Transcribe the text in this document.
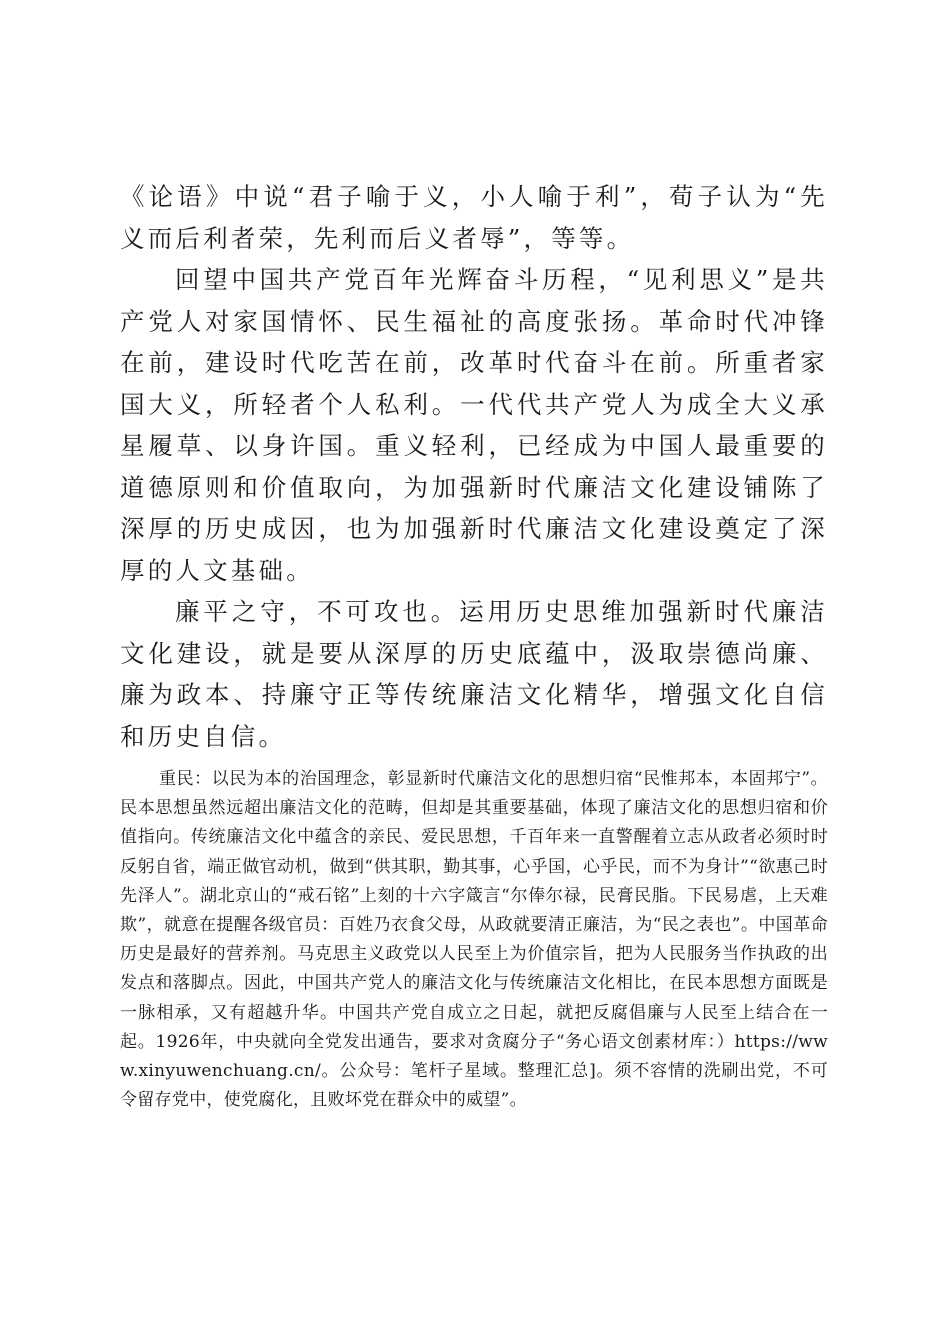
《论语》中说“君子喻于义，小人喻于利”，荀子认为“先义而后利者荣，先利而后义者辱”，等等。

回望中国共产党百年光辉奋斗历程，“见利思义”是共产党人对家国情怀、民生福祉的高度张扬。革命时代冲锋在前，建设时代吃苦在前，改革时代奋斗在前。所重者家国大义，所轻者个人私利。一代代共产党人为成全大义承星履草、以身许国。重义轻利，已经成为中国人最重要的道德原则和价值取向，为加强新时代廉洁文化建设铺陈了深厚的历史成因，也为加强新时代廉洁文化建设奠定了深厚的人文基础。

廉平之守，不可攻也。运用历史思维加强新时代廉洁文化建设，就是要从深厚的历史底蕴中，汲取崇德尚廉、廉为政本、持廉守正等传统廉洁文化精华，增强文化自信和历史自信。

重民：以民为本的治国理念，彰显新时代廉洁文化的思想归宿“民惟邦本，本固邦宁”。民本思想虽然远超出廉洁文化的范畴，但却是其重要基础，体现了廉洁文化的思想归宿和价值指向。传统廉洁文化中蕴含的亲民、爱民思想，千百年来一直警醒着立志从政者必须时时反躬自省，端正做官动机，做到“供其职，勤其事，心乎国，心乎民，而不为身计”“欲惠己时先泽人”。湖北京山的“戒石铭”上刻的十六字箴言“尔俸尔禄，民膏民脂。下民易虐，上天难欺”，就意在提醒各级官员：百姓乃衣食父母，从政就要清正廉洁，为“民之表也”。中国革命历史是最好的营养剂。马克思主义政党以人民至上为价值宗旨，把为人民服务当作执政的出发点和落脚点。因此，中国共产党人的廉洁文化与传统廉洁文化相比，在民本思想方面既是一脉相承，又有超越升华。中国共产党自成立之日起，就把反腐倡廉与人民至上结合在一起。1926年，中央就向全党发出通告，要求对贪腐分子“务心语文创素材库：）https://www.xinyuwenchuang.cn/。公众号：笔杆子星域。整理汇总]。须不容情的洗刷出党，不可令留存党中，使党腐化，且败坏党在群众中的威望”。
